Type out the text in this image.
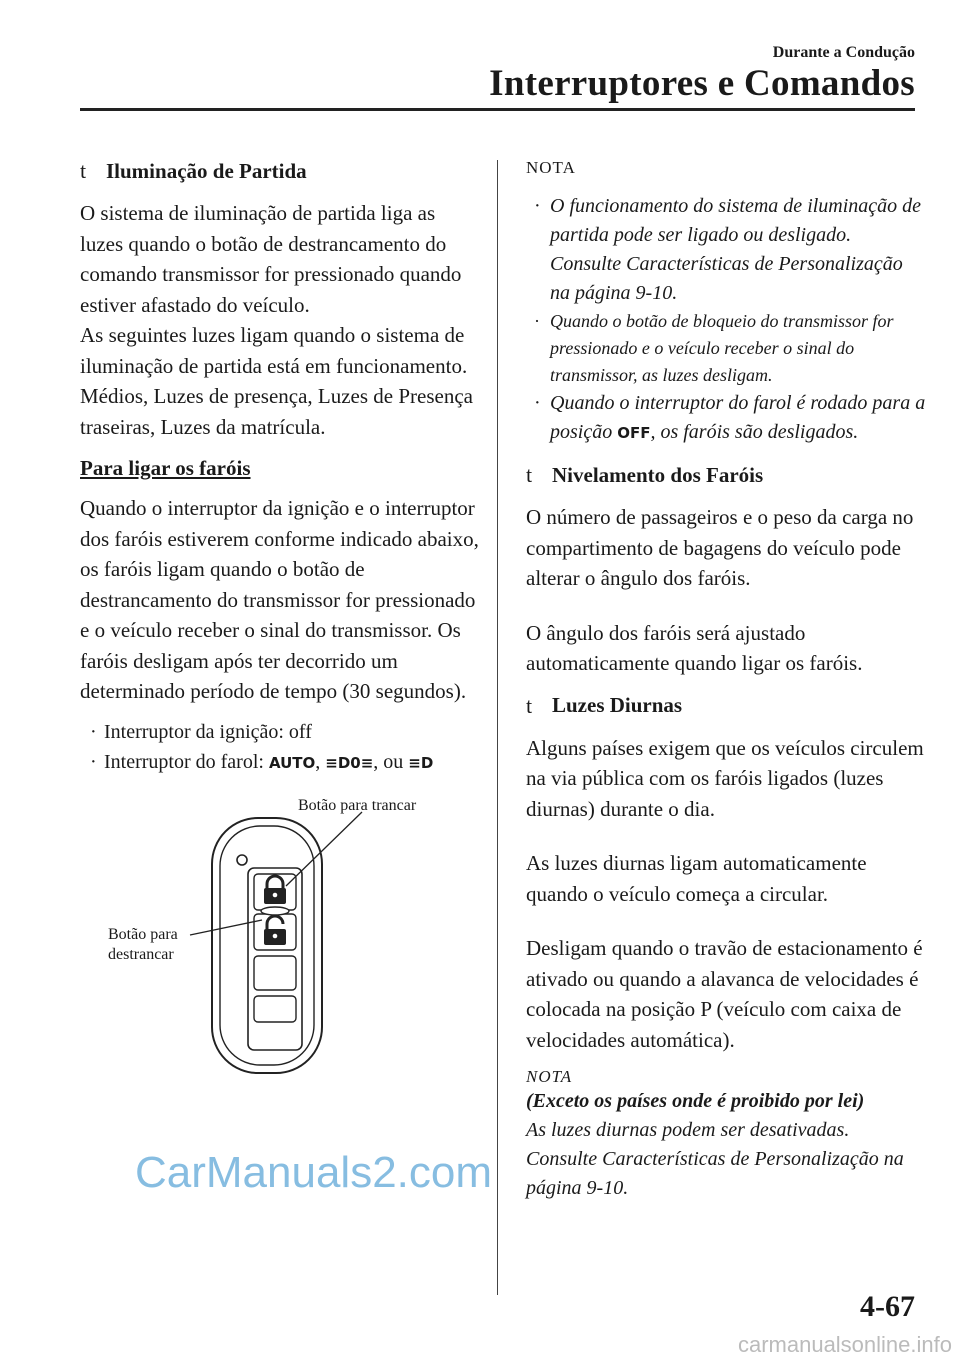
Durante a Condução
Interruptores e Comandos
t Iluminação de Partida

O sistema de iluminação de partida liga as luzes quando o botão de destrancamento do comando transmissor for pressionado quando estiver afastado do veículo.

As seguintes luzes ligam quando o sistema de iluminação de partida está em funcionamento.

Médios, Luzes de presença, Luzes de Presença traseiras, Luzes da matrícula.

Para ligar os faróis

Quando o interruptor da ignição e o interruptor dos faróis estiverem conforme indicado abaixo, os faróis ligam quando o botão de destrancamento do transmissor for pressionado e o veículo receber o sinal do transmissor. Os faróis desligam após ter decorrido um determinado período de tempo (30 segundos).

· Interruptor da ignição: off

· Interruptor do farol: AUTO, ≡D0≡, ou ≡D

Botão para trancar
Botão para
destrancar

NOTA

· O funcionamento do sistema de iluminação de partida pode ser ligado ou desligado.
Consulte Características de Personalização na página 9-10.
· Quando o botão de bloqueio do transmissor for pressionado e o veículo receber o sinal do transmissor, as luzes desligam.
· Quando o interruptor do farol é rodado para a posição OFF, os faróis são desligados.
t Nivelamento dos Faróis

O número de passageiros e o peso da carga no compartimento de bagagens do veículo pode alterar o ângulo dos faróis.

O ângulo dos faróis será ajustado automaticamente quando ligar os faróis.

t Luzes Diurnas

Alguns países exigem que os veículos circulem na via pública com os faróis ligados (luzes diurnas) durante o dia.

As luzes diurnas ligam automaticamente quando o veículo começa a circular.

Desligam quando o travão de estacionamento é ativado ou quando a alavanca de velocidades é colocada na posição P (veículo com caixa de velocidades automática).

NOTA

(Exceto os países onde é proibido por lei)

As luzes diurnas podem ser desativadas.

Consulte Características de Personalização na página 9-10.

4-67
CarManuals2.com
carmanualsonline.info
